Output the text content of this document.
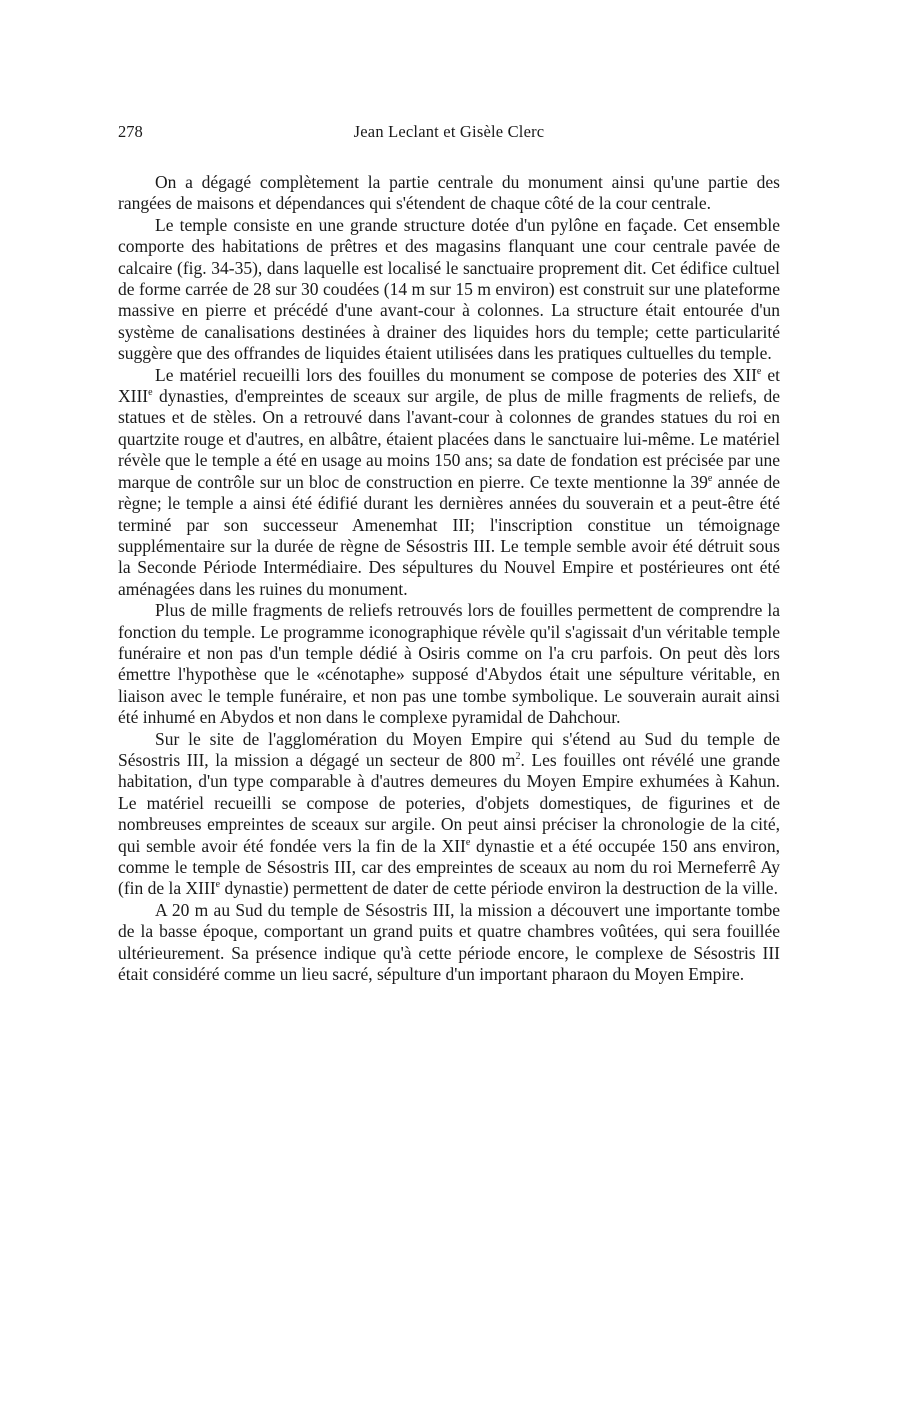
278	Jean Leclant et Gisèle Clerc

On a dégagé complètement la partie centrale du monument ainsi qu'une partie des rangées de maisons et dépendances qui s'étendent de chaque côté de la cour centrale.

Le temple consiste en une grande structure dotée d'un pylône en façade. Cet ensemble comporte des habitations de prêtres et des magasins flanquant une cour centrale pavée de calcaire (fig. 34-35), dans laquelle est localisé le sanctuaire proprement dit. Cet édifice cultuel de forme carrée de 28 sur 30 coudées (14 m sur 15 m environ) est construit sur une plateforme massive en pierre et précédé d'une avant-cour à colonnes. La structure était entourée d'un système de canalisations destinées à drainer des liquides hors du temple; cette particularité suggère que des offrandes de liquides étaient utilisées dans les pratiques cultuelles du temple.

Le matériel recueilli lors des fouilles du monument se compose de poteries des XIIe et XIIIe dynasties, d'empreintes de sceaux sur argile, de plus de mille fragments de reliefs, de statues et de stèles. On a retrouvé dans l'avant-cour à colonnes de grandes statues du roi en quartzite rouge et d'autres, en albâtre, étaient placées dans le sanctuaire lui-même. Le matériel révèle que le temple a été en usage au moins 150 ans; sa date de fondation est précisée par une marque de contrôle sur un bloc de construction en pierre. Ce texte mentionne la 39e année de règne; le temple a ainsi été édifié durant les dernières années du souverain et a peut-être été terminé par son successeur Amenemhat III; l'inscription constitue un témoignage supplémentaire sur la durée de règne de Sésostris III. Le temple semble avoir été détruit sous la Seconde Période Intermédiaire. Des sépultures du Nouvel Empire et postérieures ont été aménagées dans les ruines du monument.

Plus de mille fragments de reliefs retrouvés lors de fouilles permettent de comprendre la fonction du temple. Le programme iconographique révèle qu'il s'agissait d'un véritable temple funéraire et non pas d'un temple dédié à Osiris comme on l'a cru parfois. On peut dès lors émettre l'hypothèse que le «cénotaphe» supposé d'Abydos était une sépulture véritable, en liaison avec le temple funéraire, et non pas une tombe symbolique. Le souverain aurait ainsi été inhumé en Abydos et non dans le complexe pyramidal de Dahchour.

Sur le site de l'agglomération du Moyen Empire qui s'étend au Sud du temple de Sésostris III, la mission a dégagé un secteur de 800 $m^2$. Les fouilles ont révélé une grande habitation, d'un type comparable à d'autres demeures du Moyen Empire exhumées à Kahun. Le matériel recueilli se compose de poteries, d'objets domestiques, de figurines et de nombreuses empreintes de sceaux sur argile. On peut ainsi préciser la chronologie de la cité, qui semble avoir été fondée vers la fin de la XIIe dynastie et a été occupée 150 ans environ, comme le temple de Sésostris III, car des empreintes de sceaux au nom du roi Merneferrê Ay (fin de la XIIIe dynastie) permettent de dater de cette période environ la destruction de la ville.

A 20 m au Sud du temple de Sésostris III, la mission a découvert une importante tombe de la basse époque, comportant un grand puits et quatre chambres voûtées, qui sera fouillée ultérieurement. Sa présence indique qu'à cette période encore, le complexe de Sésostris III était considéré comme un lieu sacré, sépulture d'un important pharaon du Moyen Empire.
